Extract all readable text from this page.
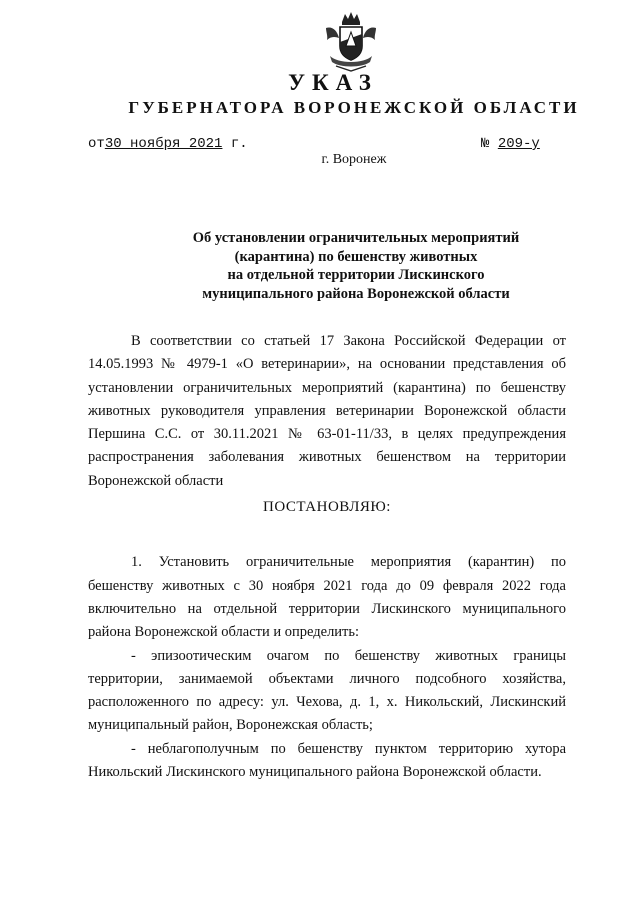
УКАЗ
ГУБЕРНАТОРА ВОРОНЕЖСКОЙ ОБЛАСТИ
от30 ноября 2021 г.	№ 209-у
г. Воронеж
Об установлении ограничительных мероприятий
(карантина) по бешенству животных
на отдельной территории Лискинского
муниципального района Воронежской области

В соответствии со статьей 17 Закона Российской Федерации от 14.05.1993 № 4979-1 «О ветеринарии», на основании представления об установлении ограничительных мероприятий (карантина) по бешенству животных руководителя управления ветеринарии Воронежской области Першина С.С. от 30.11.2021 № 63-01-11/33, в целях предупреждения распространения заболевания животных бешенством на территории Воронежской области

ПОСТАНОВЛЯЮ:

1. Установить ограничительные мероприятия (карантин) по бешенству животных с 30 ноября 2021 года до 09 февраля 2022 года включительно на отдельной территории Лискинского муниципального района Воронежской области и определить:

- эпизоотическим очагом по бешенству животных границы территории, занимаемой объектами личного подсобного хозяйства, расположенного по адресу: ул. Чехова, д. 1, х. Никольский, Лискинский муниципальный район, Воронежская область;

- неблагополучным по бешенству пунктом территорию хутора Никольский Лискинского муниципального района Воронежской области.
